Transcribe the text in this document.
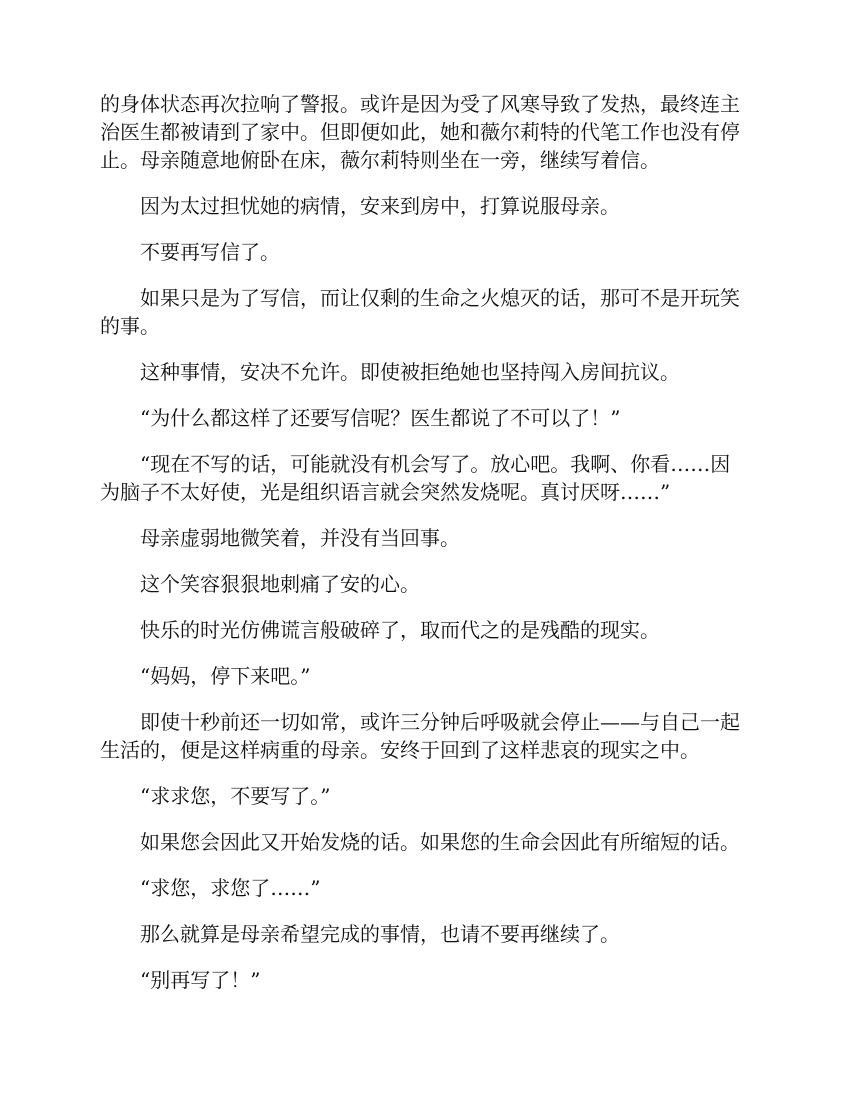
的身体状态再次拉响了警报。或许是因为受了风寒导致了发热，最终连主治医生都被请到了家中。但即便如此，她和薇尔莉特的代笔工作也没有停止。母亲随意地俯卧在床，薇尔莉特则坐在一旁，继续写着信。

因为太过担忧她的病情，安来到房中，打算说服母亲。

不要再写信了。

如果只是为了写信，而让仅剩的生命之火熄灭的话，那可不是开玩笑的事。

这种事情，安决不允许。即使被拒绝她也坚持闯入房间抗议。

“为什么都这样了还要写信呢？医生都说了不可以了！”

“现在不写的话，可能就没有机会写了。放心吧。我啊、你看……因为脑子不太好使，光是组织语言就会突然发烧呢。真讨厌呀……”

母亲虚弱地微笑着，并没有当回事。

这个笑容狠狠地刺痛了安的心。

快乐的时光仿佛谎言般破碎了，取而代之的是残酷的现实。

“妈妈，停下来吧。”

即使十秒前还一切如常，或许三分钟后呼吸就会停止——与自己一起生活的，便是这样病重的母亲。安终于回到了这样悲哀的现实之中。

“求求您，不要写了。”

如果您会因此又开始发烧的话。如果您的生命会因此有所缩短的话。

“求您，求您了……”

那么就算是母亲希望完成的事情，也请不要再继续了。

“别再写了！”
